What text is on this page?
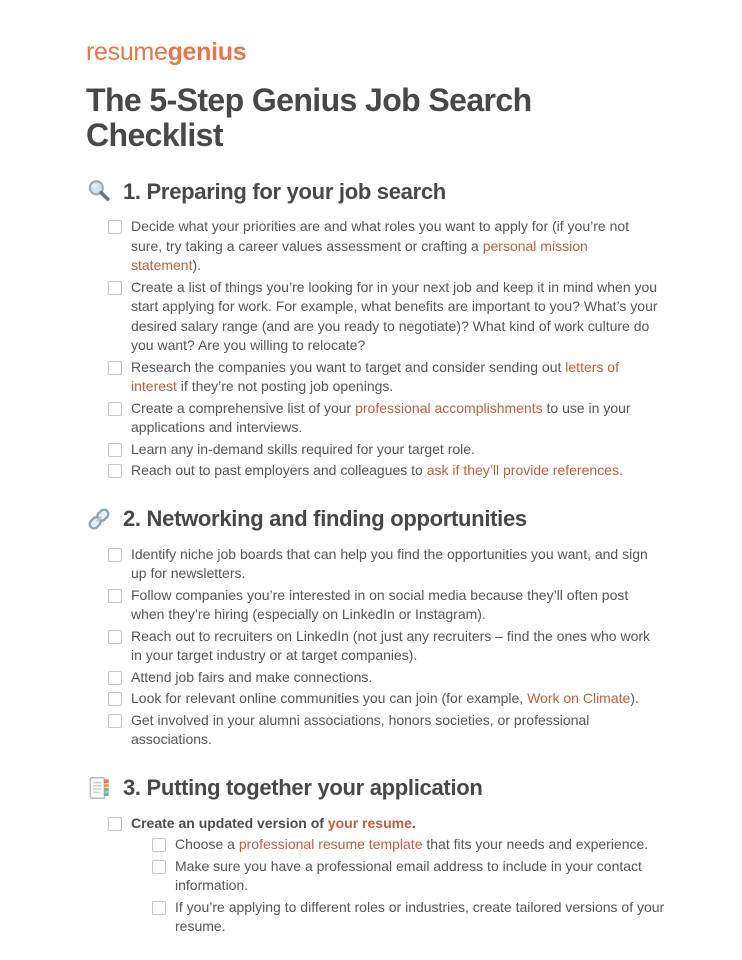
resumegenius
The 5-Step Genius Job Search Checklist
1. Preparing for your job search
Decide what your priorities are and what roles you want to apply for (if you’re not sure, try taking a career values assessment or crafting a personal mission statement).
Create a list of things you’re looking for in your next job and keep it in mind when you start applying for work. For example, what benefits are important to you? What’s your desired salary range (and are you ready to negotiate)? What kind of work culture do you want? Are you willing to relocate?
Research the companies you want to target and consider sending out letters of interest if they’re not posting job openings.
Create a comprehensive list of your professional accomplishments to use in your applications and interviews.
Learn any in-demand skills required for your target role.
Reach out to past employers and colleagues to ask if they’ll provide references.
2. Networking and finding opportunities
Identify niche job boards that can help you find the opportunities you want, and sign up for newsletters.
Follow companies you’re interested in on social media because they’ll often post when they’re hiring (especially on LinkedIn or Instagram).
Reach out to recruiters on LinkedIn (not just any recruiters – find the ones who work in your target industry or at target companies).
Attend job fairs and make connections.
Look for relevant online communities you can join (for example, Work on Climate).
Get involved in your alumni associations, honors societies, or professional associations.
3. Putting together your application
Create an updated version of your resume.
Choose a professional resume template that fits your needs and experience.
Make sure you have a professional email address to include in your contact information.
If you’re applying to different roles or industries, create tailored versions of your resume.
